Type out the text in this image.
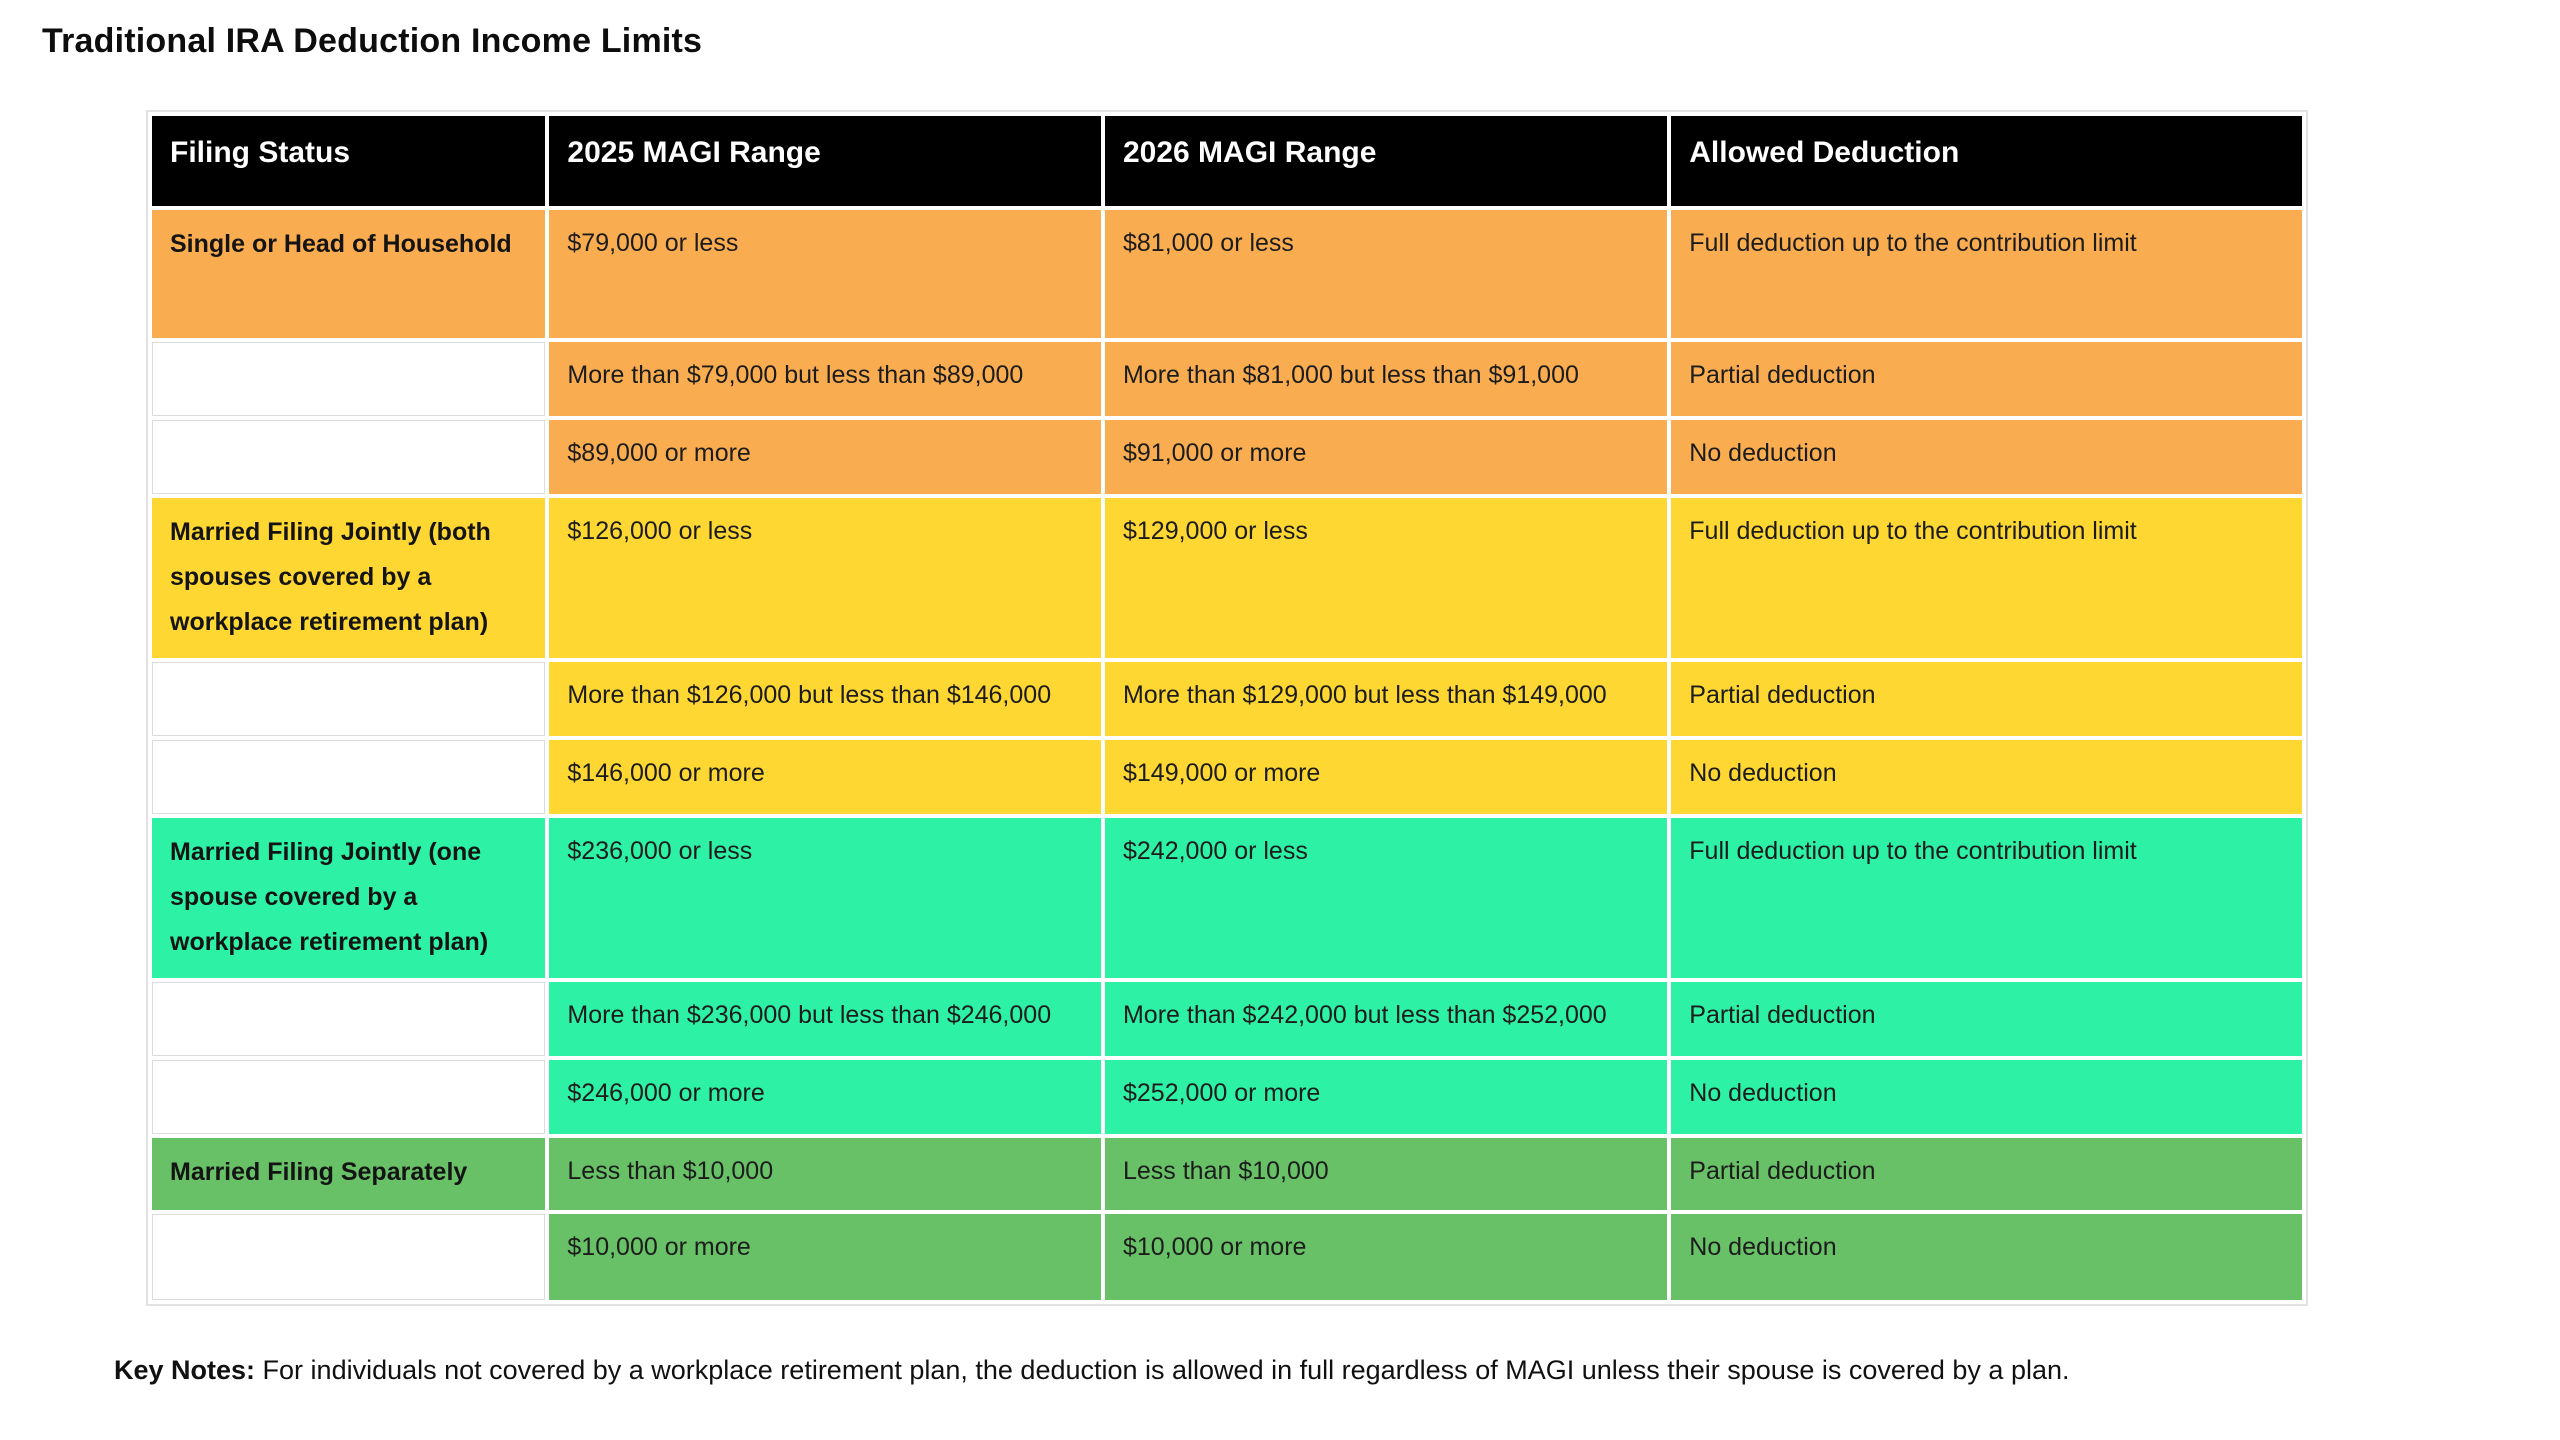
Traditional IRA Deduction Income Limits
Filing Status	2025 MAGI Range	2026 MAGI Range	Allowed Deduction
Single or Head of Household	$79,000 or less	$81,000 or less	Full deduction up to the contribution limit
	More than $79,000 but less than $89,000	More than $81,000 but less than $91,000	Partial deduction
	$89,000 or more	$91,000 or more	No deduction
Married Filing Jointly (both spouses covered by a workplace retirement plan)	$126,000 or less	$129,000 or less	Full deduction up to the contribution limit
	More than $126,000 but less than $146,000	More than $129,000 but less than $149,000	Partial deduction
	$146,000 or more	$149,000 or more	No deduction
Married Filing Jointly (one spouse covered by a workplace retirement plan)	$236,000 or less	$242,000 or less	Full deduction up to the contribution limit
	More than $236,000 but less than $246,000	More than $242,000 but less than $252,000	Partial deduction
	$246,000 or more	$252,000 or more	No deduction
Married Filing Separately	Less than $10,000	Less than $10,000	Partial deduction
	$10,000 or more	$10,000 or more	No deduction
Key Notes: For individuals not covered by a workplace retirement plan, the deduction is allowed in full regardless of MAGI unless their spouse is covered by a plan.
